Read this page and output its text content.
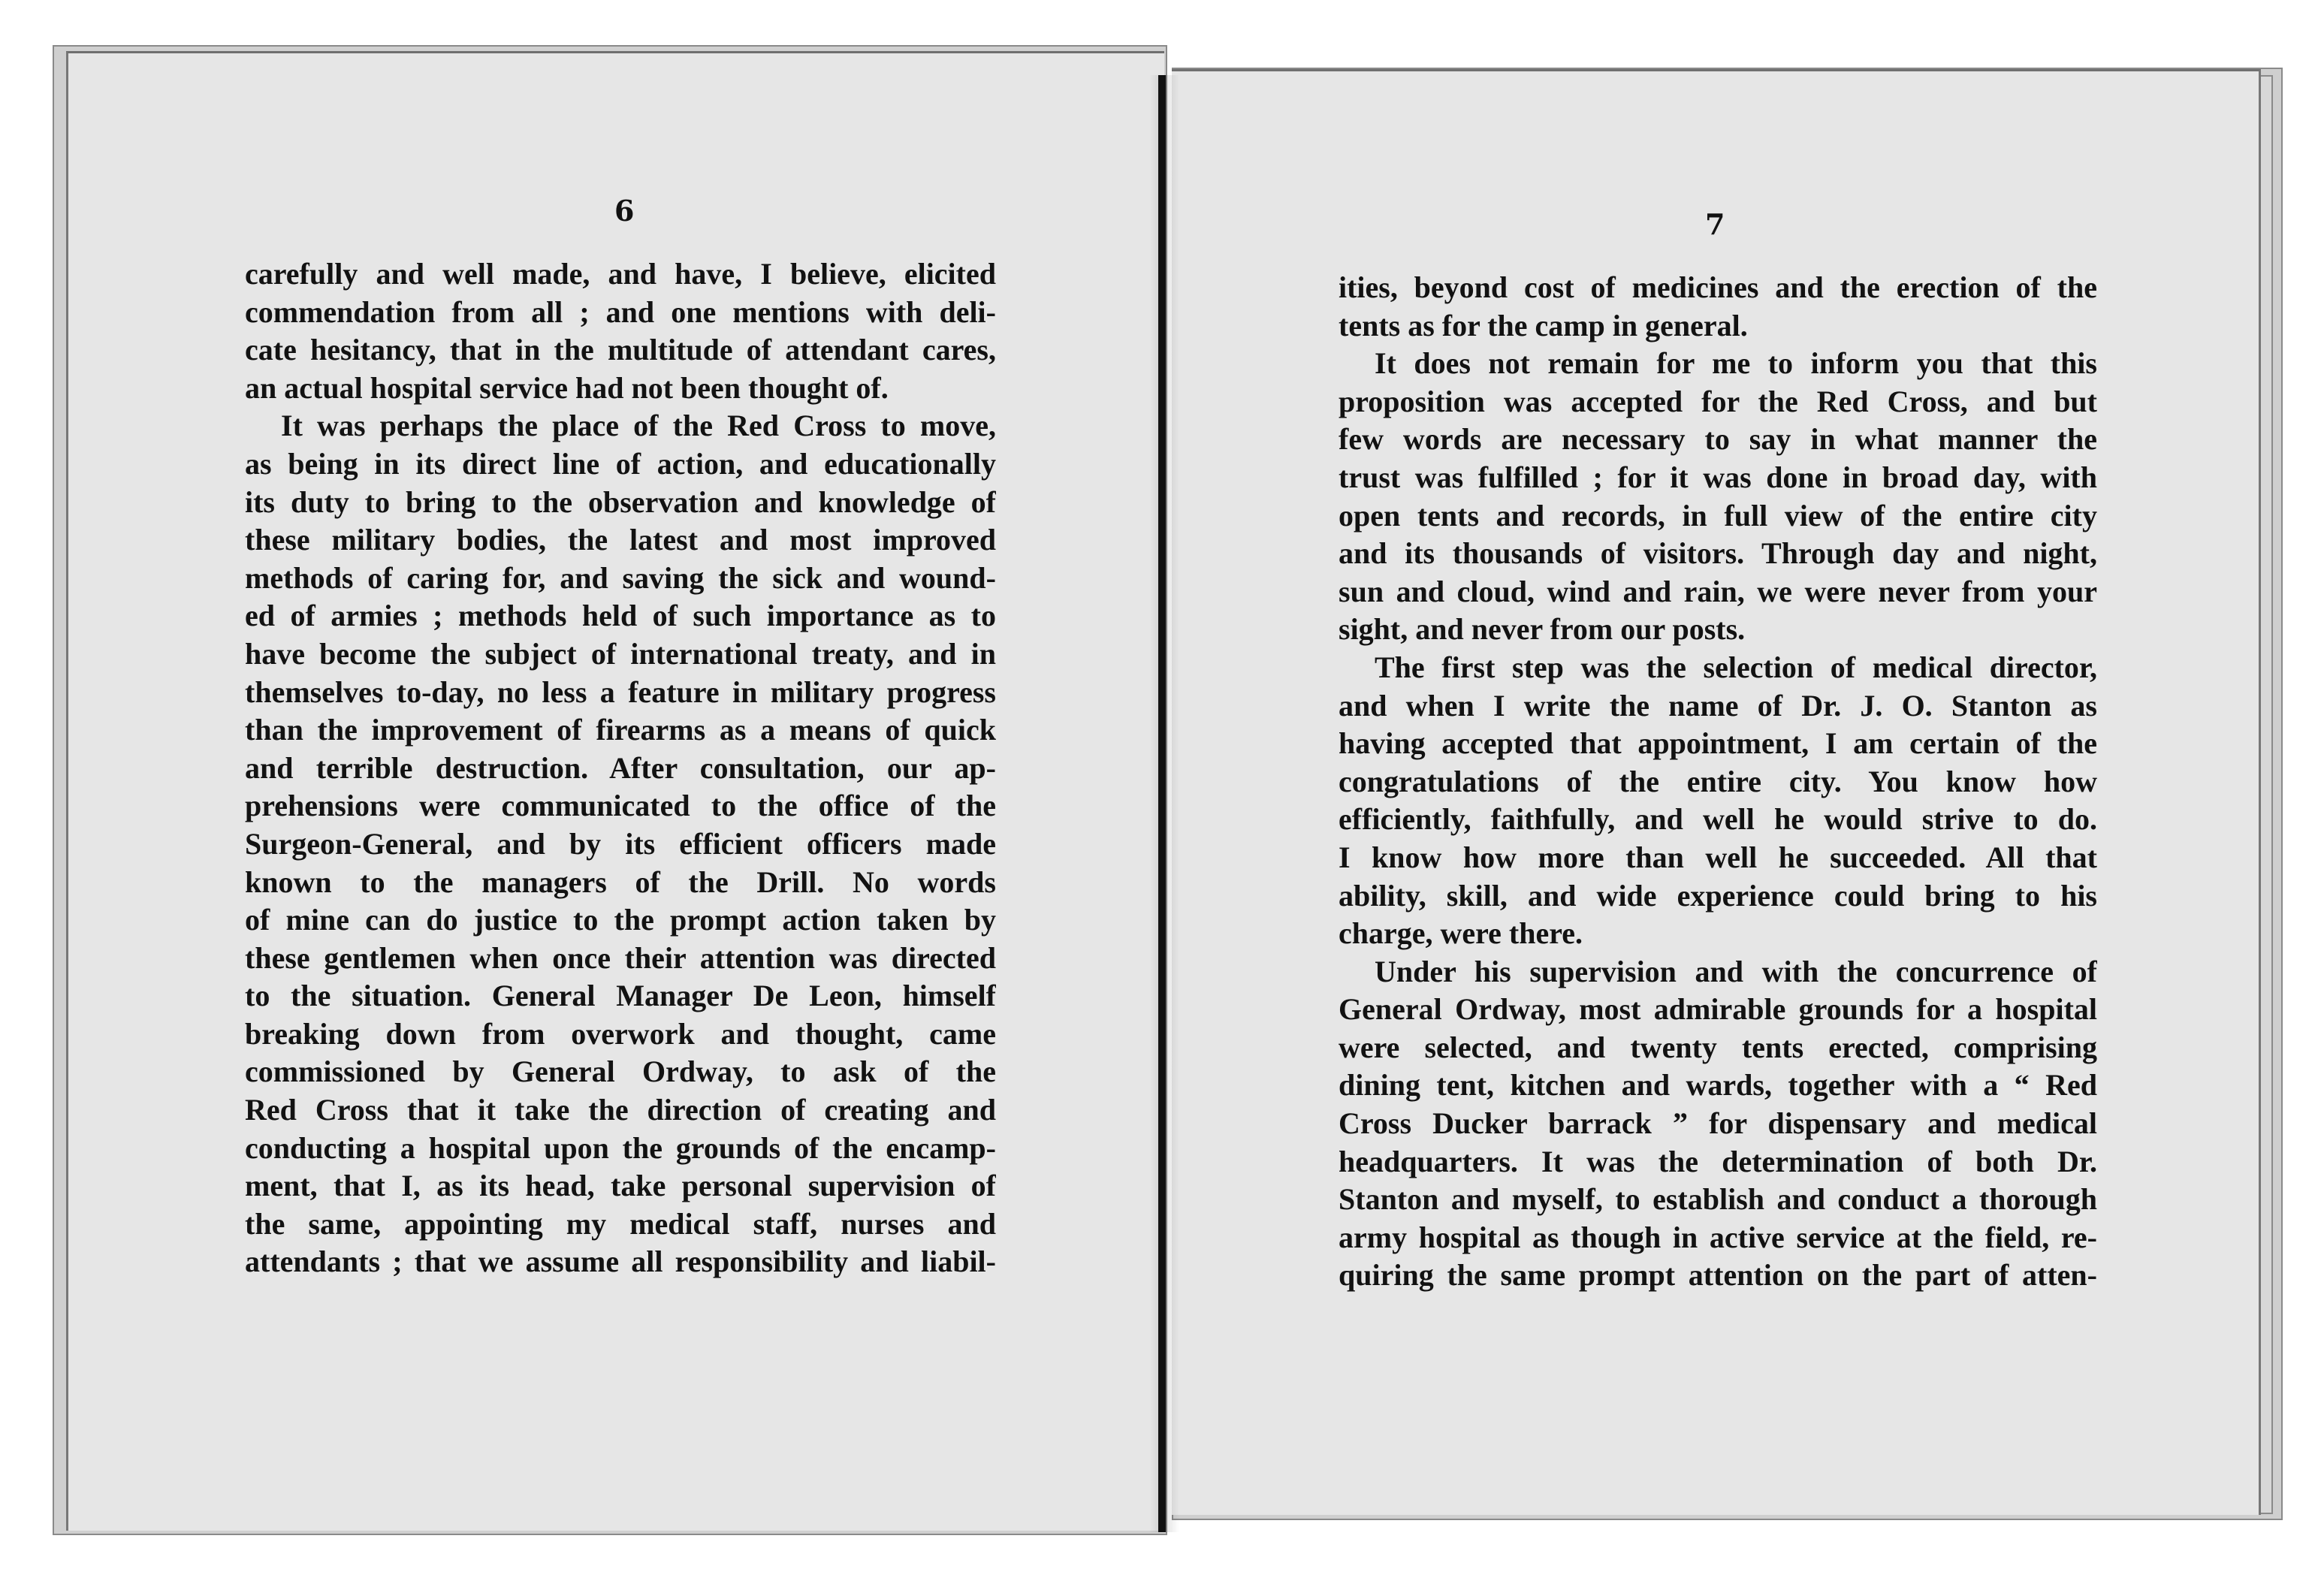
6	7
carefully and well made, and have, I believe, elicited
commendation from all ; and one mentions with deli-
cate hesitancy, that in the multitude of attendant cares,
an actual hospital service had not been thought of.
It was perhaps the place of the Red Cross to move,
as being in its direct line of action, and educationally
its duty to bring to the observation and knowledge of
these military bodies, the latest and most improved
methods of caring for, and saving the sick and wound-
ed of armies ; methods held of such importance as to
have become the subject of international treaty, and in
themselves to-day, no less a feature in military progress
than the improvement of firearms as a means of quick
and terrible destruction. After consultation, our ap-
prehensions were communicated to the office of the
Surgeon-General, and by its efficient officers made
known to the managers of the Drill. No words
of mine can do justice to the prompt action taken by
these gentlemen when once their attention was directed
to the situation. General Manager De Leon, himself
breaking down from overwork and thought, came
commissioned by General Ordway, to ask of the
Red Cross that it take the direction of creating and
conducting a hospital upon the grounds of the encamp-
ment, that I, as its head, take personal supervision of
the same, appointing my medical staff, nurses and
attendants ; that we assume all responsibility and liabil-
ities, beyond cost of medicines and the erection of the
tents as for the camp in general.
It does not remain for me to inform you that this
proposition was accepted for the Red Cross, and but
few words are necessary to say in what manner the
trust was fulfilled ; for it was done in broad day, with
open tents and records, in full view of the entire city
and its thousands of visitors. Through day and night,
sun and cloud, wind and rain, we were never from your
sight, and never from our posts.
The first step was the selection of medical director,
and when I write the name of Dr. J. O. Stanton as
having accepted that appointment, I am certain of the
congratulations of the entire city. You know how
efficiently, faithfully, and well he would strive to do.
I know how more than well he succeeded. All that
ability, skill, and wide experience could bring to his
charge, were there.
Under his supervision and with the concurrence of
General Ordway, most admirable grounds for a hospital
were selected, and twenty tents erected, comprising
dining tent, kitchen and wards, together with a “ Red
Cross Ducker barrack ” for dispensary and medical
headquarters. It was the determination of both Dr.
Stanton and myself, to establish and conduct a thorough
army hospital as though in active service at the field, re-
quiring the same prompt attention on the part of atten-
